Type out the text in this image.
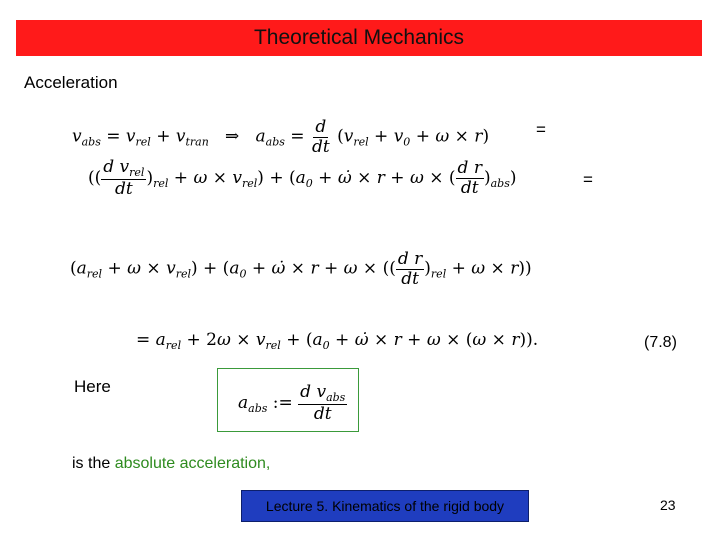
Theoretical Mechanics
Acceleration
$v_{abs} = v_{rel} + v_{tran}$   ⇒   $a_{abs} = \frac{d}{dt} (v_{rel} + v_0 + \omega \times r)$	=
(( $\frac{d v_{rel}}{dt} )_{rel} + \omega \times v_{rel}) + (a_0$ + ω̇ × r + ω × ( $\frac{\text{d r}}{dt} )_{abs}$)	=
$(a_{rel} + \omega \times v_{rel}) + (a_0$ + ω̇ × r + ω × (( $\frac{\text{d r}}{dt} )_{rel} + \omega \times r$))
= $a_{rel} + 2\omega \times v_{rel} + (a_0$ + ω̇ × r + ω × (ω × r)).	(7.8)
Here
$a_{abs}$ := $\frac{d v_{abs}}{dt}$
is the absolute acceleration,
Lecture 5. Kinematics of the rigid body	23
